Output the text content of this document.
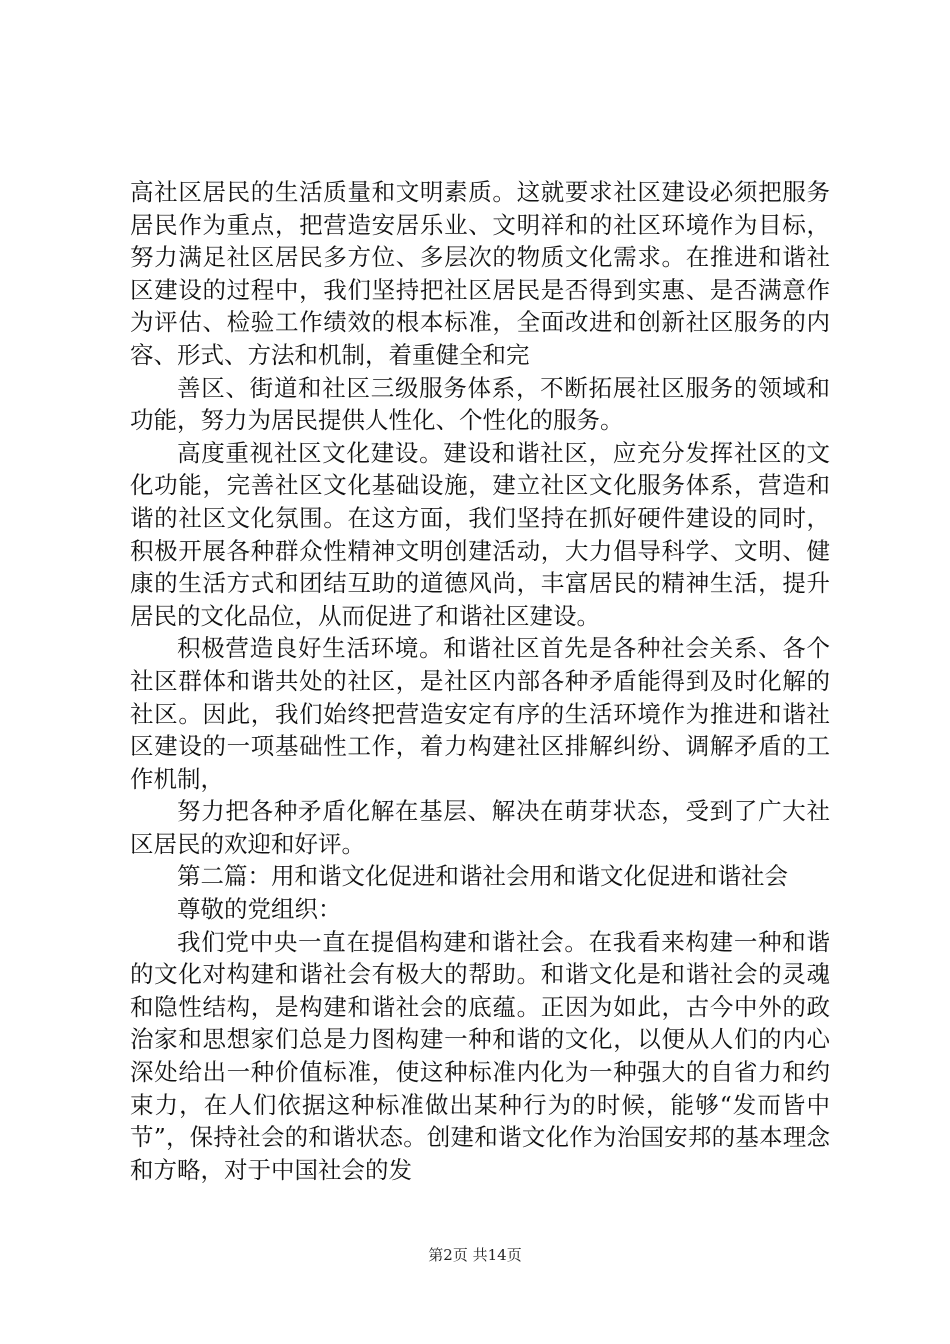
高社区居民的生活质量和文明素质。这就要求社区建设必须把服务居民作为重点，把营造安居乐业、文明祥和的社区环境作为目标，努力满足社区居民多方位、多层次的物质文化需求。在推进和谐社区建设的过程中，我们坚持把社区居民是否得到实惠、是否满意作为评估、检验工作绩效的根本标准，全面改进和创新社区服务的内容、形式、方法和机制，着重健全和完

善区、街道和社区三级服务体系，不断拓展社区服务的领域和功能，努力为居民提供人性化、个性化的服务。

高度重视社区文化建设。建设和谐社区，应充分发挥社区的文化功能，完善社区文化基础设施，建立社区文化服务体系，营造和谐的社区文化氛围。在这方面，我们坚持在抓好硬件建设的同时，积极开展各种群众性精神文明创建活动，大力倡导科学、文明、健康的生活方式和团结互助的道德风尚，丰富居民的精神生活，提升居民的文化品位，从而促进了和谐社区建设。

积极营造良好生活环境。和谐社区首先是各种社会关系、各个社区群体和谐共处的社区，是社区内部各种矛盾能得到及时化解的社区。因此，我们始终把营造安定有序的生活环境作为推进和谐社区建设的一项基础性工作，着力构建社区排解纠纷、调解矛盾的工作机制，

努力把各种矛盾化解在基层、解决在萌芽状态，受到了广大社区居民的欢迎和好评。

第二篇：用和谐文化促进和谐社会用和谐文化促进和谐社会

尊敬的党组织：

我们党中央一直在提倡构建和谐社会。在我看来构建一种和谐的文化对构建和谐社会有极大的帮助。和谐文化是和谐社会的灵魂和隐性结构，是构建和谐社会的底蕴。正因为如此，古今中外的政治家和思想家们总是力图构建一种和谐的文化，以便从人们的内心深处给出一种价值标准，使这种标准内化为一种强大的自省力和约束力，在人们依据这种标准做出某种行为的时候，能够“发而皆中节”，保持社会的和谐状态。创建和谐文化作为治国安邦的基本理念和方略，对于中国社会的发

第2页 共14页
